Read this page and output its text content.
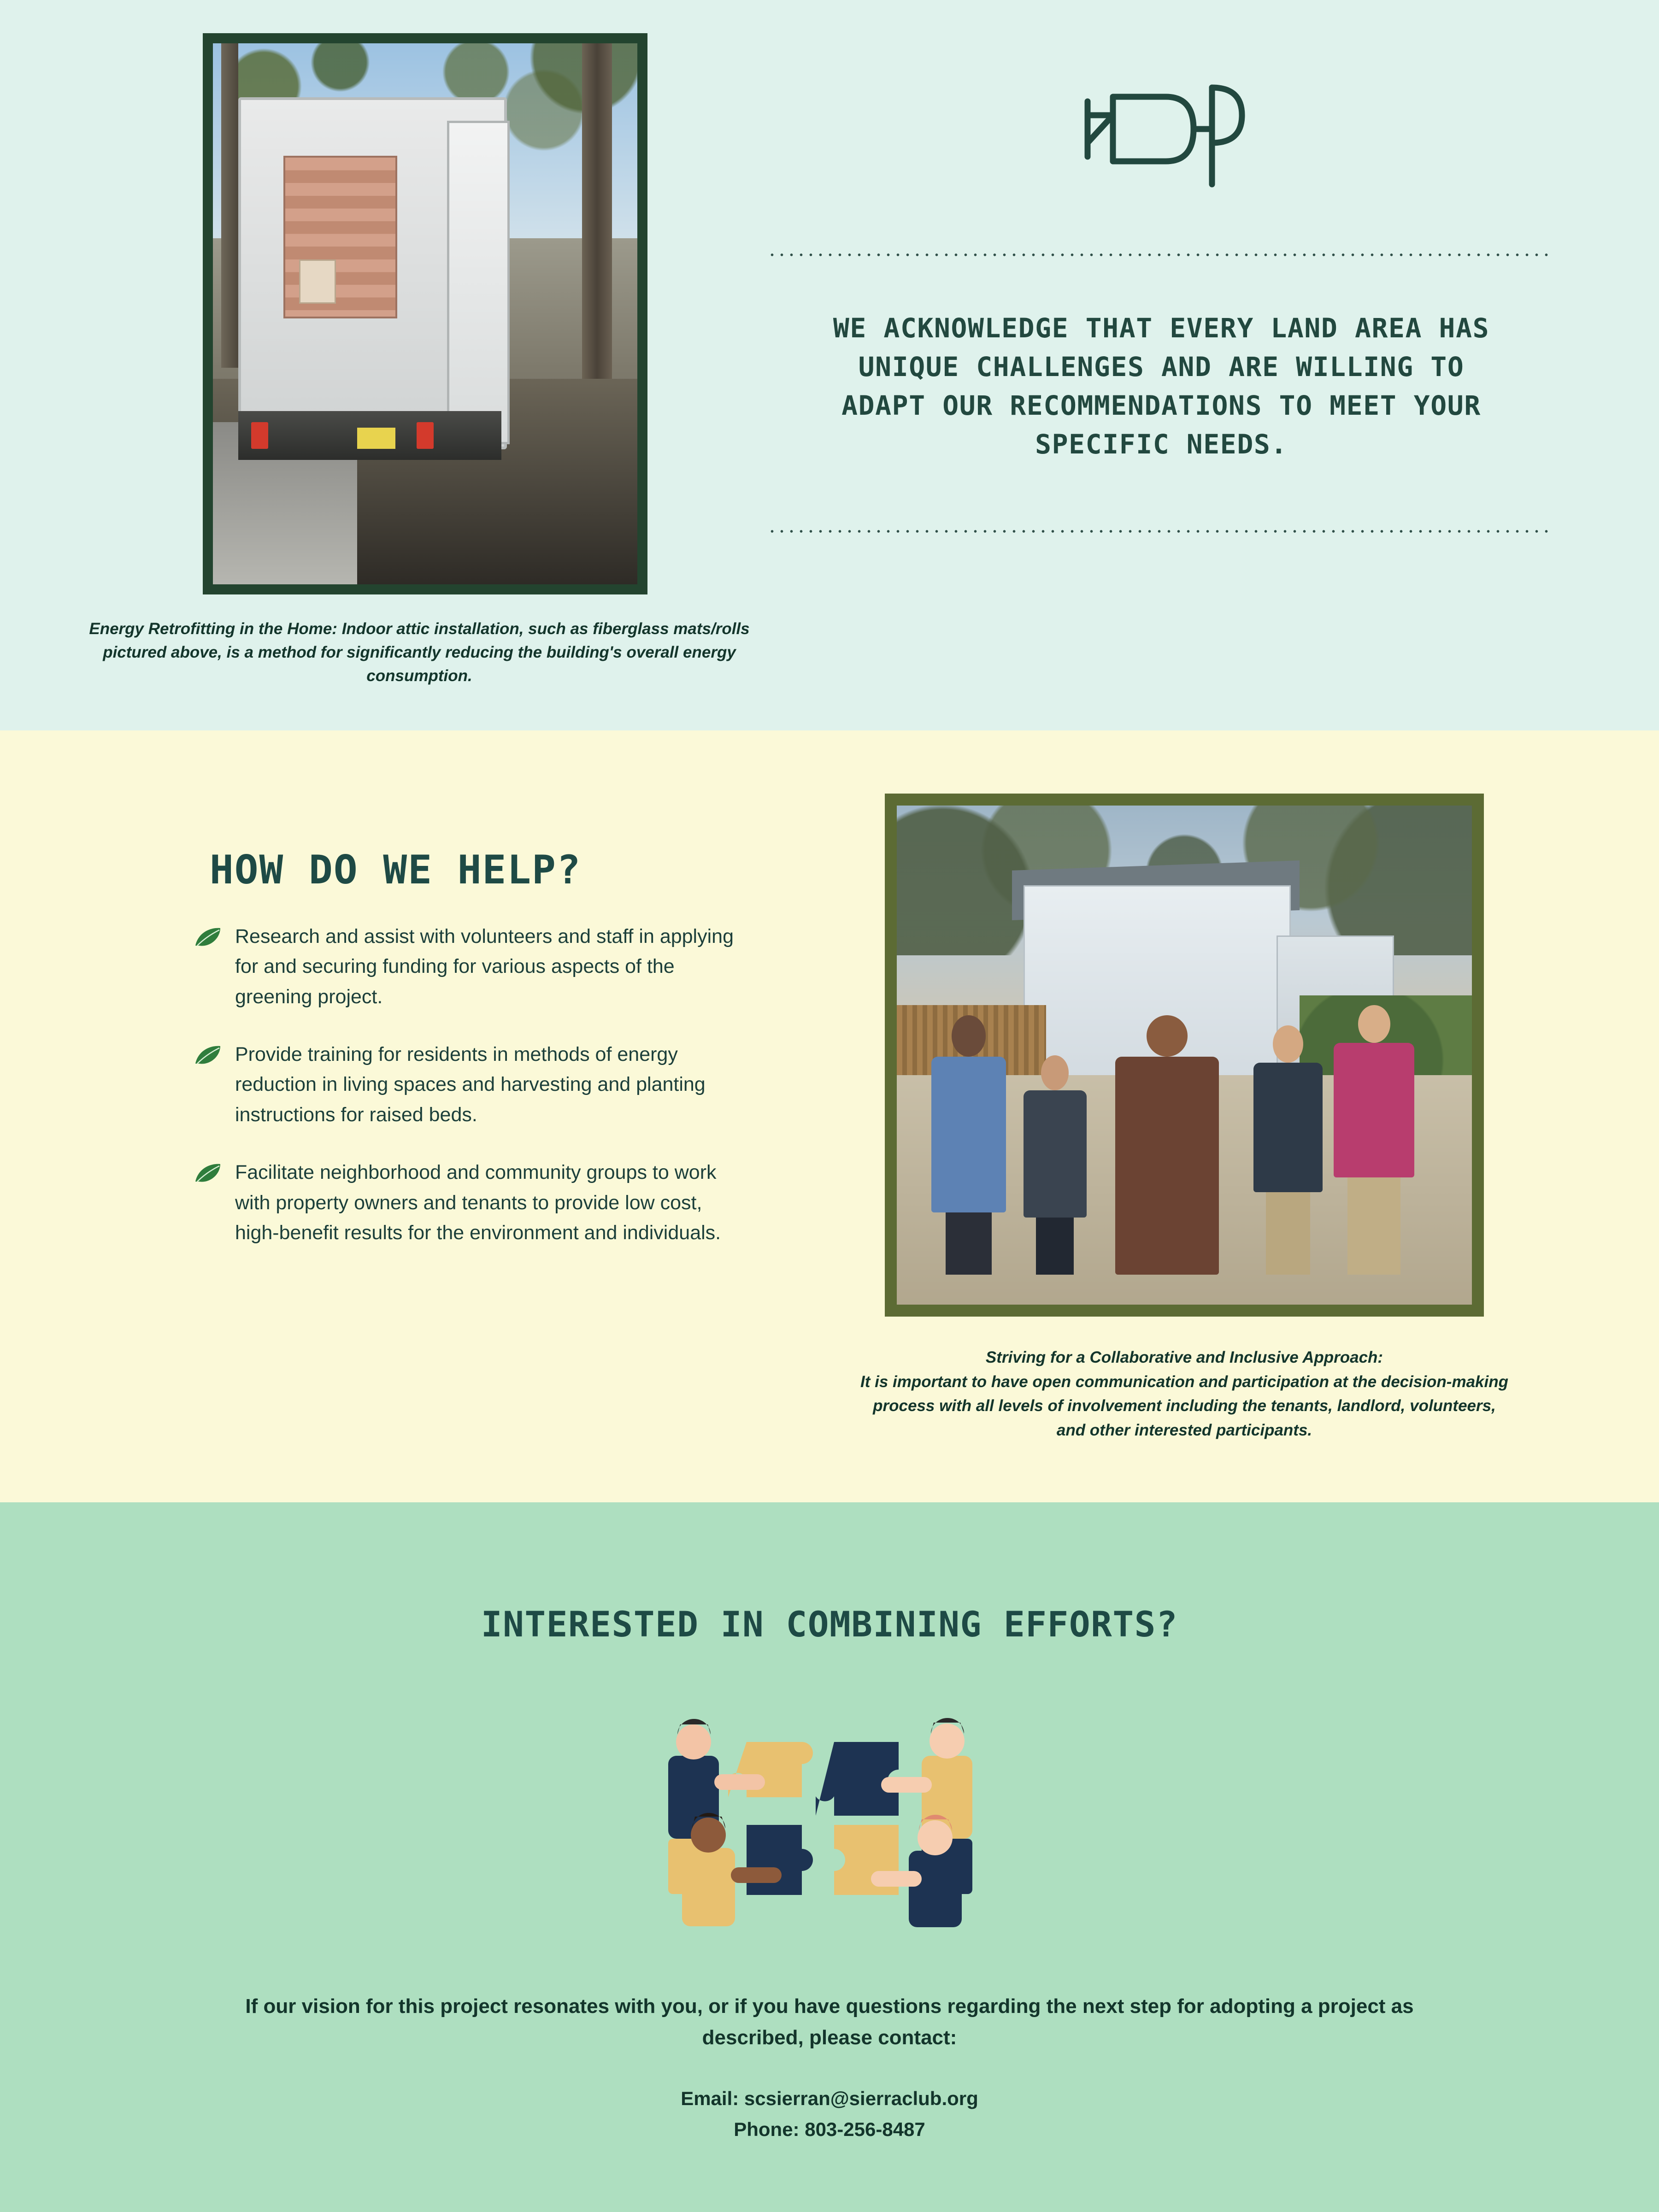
Energy Retrofitting in the Home: Indoor attic installation, such as fiberglass mats/rolls pictured above, is a method for significantly reducing the building's overall energy consumption.
WE ACKNOWLEDGE THAT EVERY LAND AREA HAS UNIQUE CHALLENGES AND ARE WILLING TO ADAPT OUR RECOMMENDATIONS TO MEET YOUR SPECIFIC NEEDS.
HOW DO WE HELP?
Research and assist with volunteers and staff in applying for and securing funding for various aspects of the greening project.
Provide training for residents in methods of energy reduction in living spaces and harvesting and planting instructions for raised beds.
Facilitate neighborhood and community groups to work with property owners and tenants to provide low cost, high-benefit results for the environment and individuals.
Striving for a Collaborative and Inclusive Approach:
It is important to have open communication and participation at the decision-making process with all levels of involvement including the tenants, landlord, volunteers, and other interested participants.
INTERESTED IN COMBINING EFFORTS?
If our vision for this project resonates with you, or if you have questions regarding the next step for adopting a project as described, please contact:
Email: scsierran@sierraclub.org
Phone: 803-256-8487
